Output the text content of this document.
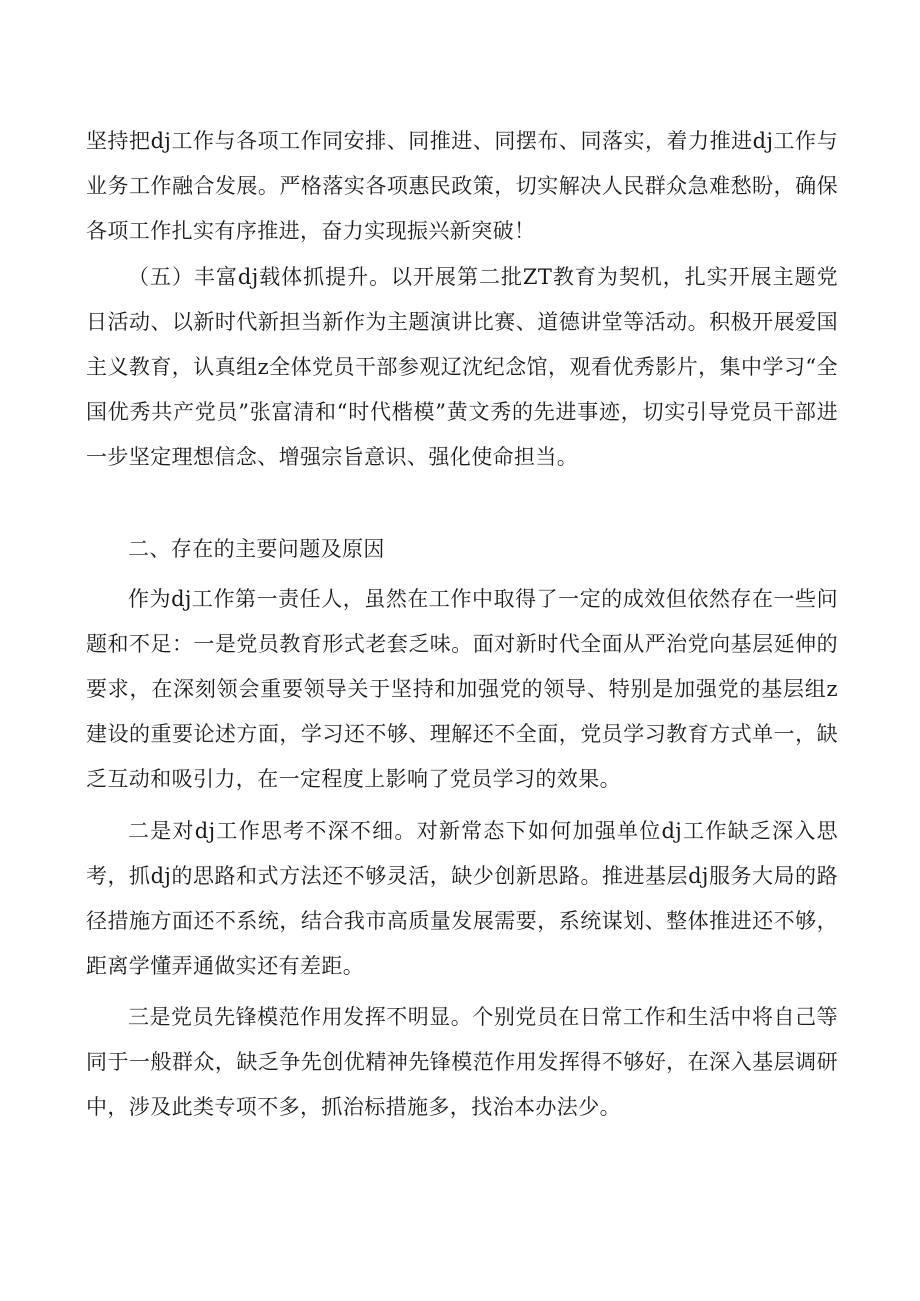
坚持把dj工作与各项工作同安排、同推进、同摆布、同落实，着力推进dj工作与业务工作融合发展。严格落实各项惠民政策，切实解决人民群众急难愁盼，确保各项工作扎实有序推进，奋力实现振兴新突破！

（五）丰富dj载体抓提升。以开展第二批ZT教育为契机，扎实开展主题党日活动、以新时代新担当新作为主题演讲比赛、道德讲堂等活动。积极开展爱国主义教育，认真组z全体党员干部参观辽沈纪念馆，观看优秀影片，集中学习“全国优秀共产党员”张富清和“时代楷模”黄文秀的先进事迹，切实引导党员干部进一步坚定理想信念、增强宗旨意识、强化使命担当。

二、存在的主要问题及原因

作为dj工作第一责任人，虽然在工作中取得了一定的成效但依然存在一些问题和不足：一是党员教育形式老套乏味。面对新时代全面从严治党向基层延伸的要求，在深刻领会重要领导关于坚持和加强党的领导、特别是加强党的基层组z建设的重要论述方面，学习还不够、理解还不全面，党员学习教育方式单一，缺乏互动和吸引力，在一定程度上影响了党员学习的效果。

二是对dj工作思考不深不细。对新常态下如何加强单位dj工作缺乏深入思考，抓dj的思路和式方法还不够灵活，缺少创新思路。推进基层dj服务大局的路径措施方面还不系统，结合我市高质量发展需要，系统谋划、整体推进还不够，距离学懂弄通做实还有差距。

三是党员先锋模范作用发挥不明显。个别党员在日常工作和生活中将自己等同于一般群众，缺乏争先创优精神先锋模范作用发挥得不够好，在深入基层调研中，涉及此类专项不多，抓治标措施多，找治本办法少。
